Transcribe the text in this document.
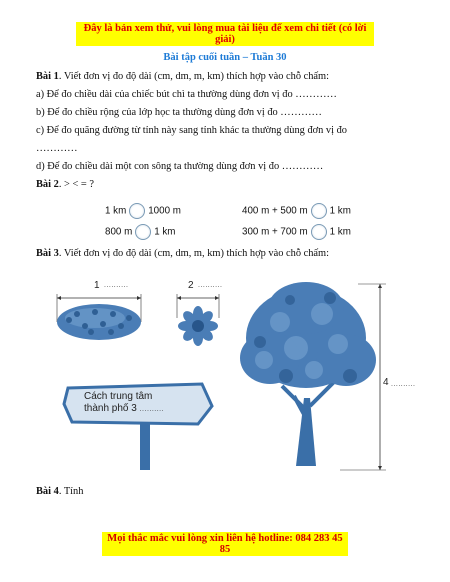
Đây là bản xem thử, vui lòng mua tài liệu để xem chi tiết (có lời giải)
Bài tập cuối tuần – Tuần 30
Bài 1. Viết đơn vị đo độ dài (cm, dm, m, km) thích hợp vào chỗ chấm:
a) Để đo chiều dài của chiếc bút chì ta thường dùng đơn vị đo …………
b) Để đo chiều rộng của lớp học ta thường dùng đơn vị đo …………
c) Để đo quãng đường từ tỉnh này sang tỉnh khác ta thường dùng đơn vị đo
…………
d) Để đo chiều dài một con sông ta thường dùng đơn vị đo …………
Bài 2. > < = ?
1 km 1000 m	400 m + 500 m 1 km
800 m 1 km	300 m + 700 m 1 km
Bài 3. Viết đơn vị đo độ dài (cm, dm, m, km) thích hợp vào chỗ chấm:
1 ..........	2 ..........
Cách trung tâm
thành phố 3 ..........
4 ..........
Bài 4. Tính
Mọi thắc mắc vui lòng xin liên hệ hotline: 084 283 45 85
